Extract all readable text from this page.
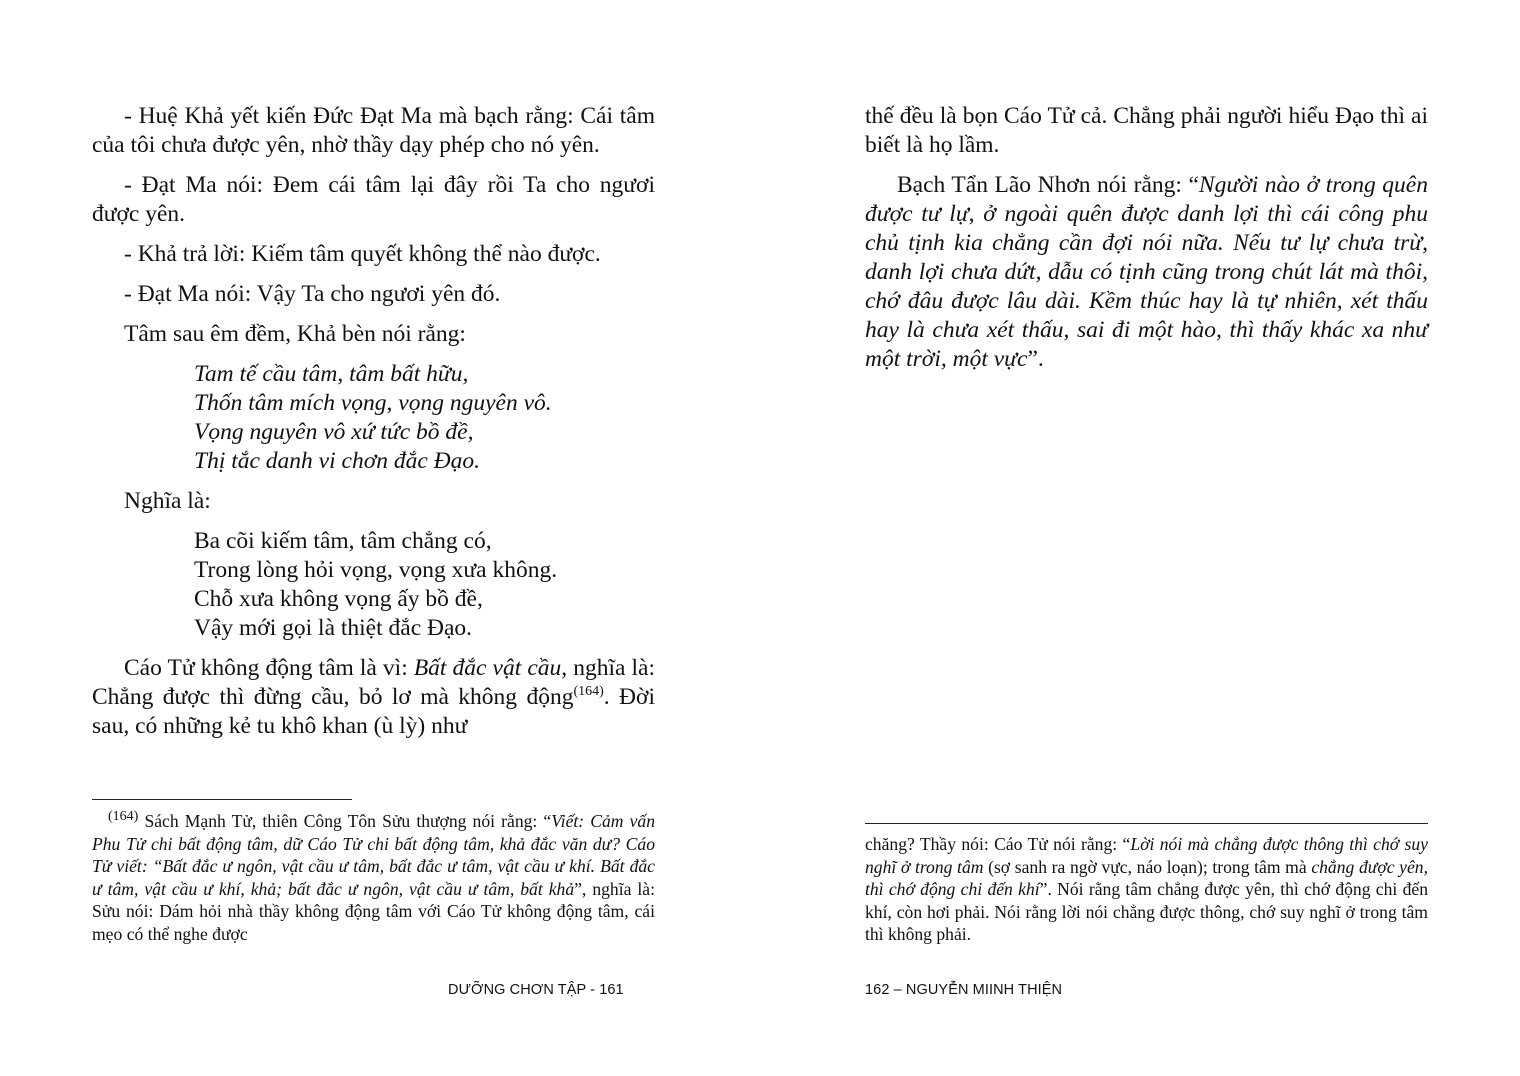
- Huệ Khả yết kiến Đức Đạt Ma mà bạch rằng: Cái tâm của tôi chưa được yên, nhờ thầy dạy phép cho nó yên.

- Đạt Ma nói: Đem cái tâm lại đây rồi Ta cho ngươi được yên.

- Khả trả lời: Kiếm tâm quyết không thể nào được.

- Đạt Ma nói: Vậy Ta cho ngươi yên đó.

Tâm sau êm đềm, Khả bèn nói rằng:

Tam tế cầu tâm, tâm bất hữu,
Thốn tâm mích vọng, vọng nguyên vô.
Vọng nguyên vô xứ tức bồ đề,
Thị tắc danh vi chơn đắc Đạo.

Nghĩa là:

Ba cõi kiếm tâm, tâm chẳng có,
Trong lòng hỏi vọng, vọng xưa không.
Chỗ xưa không vọng ấy bồ đề,
Vậy mới gọi là thiệt đắc Đạo.

Cáo Tử không động tâm là vì: Bất đắc vật cầu, nghĩa là: Chẳng được thì đừng cầu, bỏ lơ mà không động$^{(164)}$. Đời sau, có những kẻ tu khô khan (ù lỳ) như

$^{(164)}$ Sách Mạnh Tử, thiên Công Tôn Sửu thượng nói rằng: “Viết: Cảm vấn Phu Tử chi bất động tâm, dữ Cáo Tử chi bất động tâm, khả đắc văn dư? Cáo Tử viết: “Bất đắc ư ngôn, vật cầu ư tâm, bất đắc ư tâm, vật cầu ư khí. Bất đắc ư tâm, vật cầu ư khí, khả; bất đắc ư ngôn, vật cầu ư tâm, bất khả”, nghĩa là: Sửu nói: Dám hỏi nhà thầy không động tâm với Cáo Tử không động tâm, cái mẹo có thể nghe được

DƯỠNG CHƠN TẬP - 161

thế đều là bọn Cáo Tử cả. Chẳng phải người hiểu Đạo thì ai biết là họ lầm.

Bạch Tẩn Lão Nhơn nói rằng: “Người nào ở trong quên được tư lự, ở ngoài quên được danh lợi thì cái công phu chủ tịnh kia chẳng cần đợi nói nữa. Nếu tư lự chưa trừ, danh lợi chưa dứt, dẫu có tịnh cũng trong chút lát mà thôi, chớ đâu được lâu dài. Kềm thúc hay là tự nhiên, xét thấu hay là chưa xét thấu, sai đi một hào, thì thấy khác xa như một trời, một vực”.

chăng? Thầy nói: Cáo Tử nói rằng: “Lời nói mà chẳng được thông thì chớ suy nghĩ ở trong tâm (sợ sanh ra ngờ vực, náo loạn); trong tâm mà chẳng được yên, thì chớ động chi đến khí”. Nói rằng tâm chẳng được yên, thì chớ động chi đến khí, còn hơi phải. Nói rằng lời nói chẳng được thông, chớ suy nghĩ ở trong tâm thì không phải.

162 – NGUYỄN MIINH THIỆN
